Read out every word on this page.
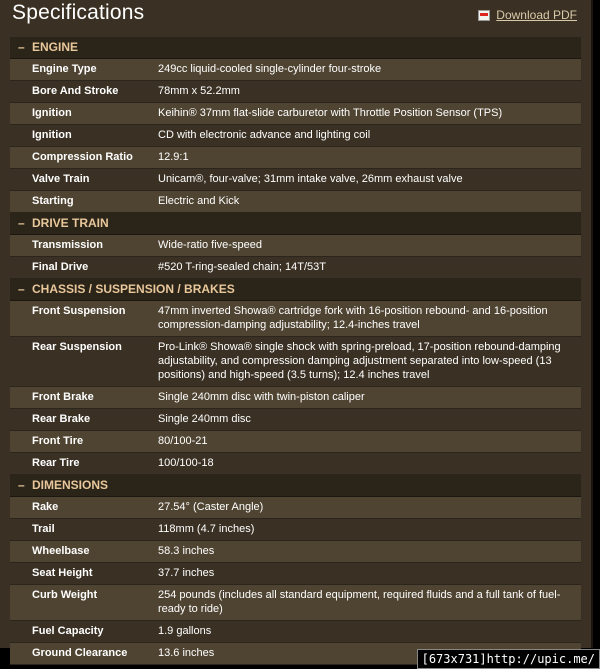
Specifications	Download PDF
– ENGINE
Engine Type	249cc liquid-cooled single-cylinder four-stroke
Bore And Stroke	78mm x 52.2mm
Ignition	Keihin® 37mm flat-slide carburetor with Throttle Position Sensor (TPS)
Ignition	CD with electronic advance and lighting coil
Compression Ratio	12.9:1
Valve Train	Unicam®, four-valve; 31mm intake valve, 26mm exhaust valve
Starting	Electric and Kick
– DRIVE TRAIN
Transmission	Wide-ratio five-speed
Final Drive	#520 T-ring-sealed chain; 14T/53T
– CHASSIS / SUSPENSION / BRAKES
Front Suspension	47mm inverted Showa® cartridge fork with 16-position rebound- and 16-position compression-damping adjustability; 12.4-inches travel
Rear Suspension	Pro-Link® Showa® single shock with spring-preload, 17-position rebound-damping adjustability, and compression damping adjustment separated into low-speed (13 positions) and high-speed (3.5 turns); 12.4 inches travel
Front Brake	Single 240mm disc with twin-piston caliper
Rear Brake	Single 240mm disc
Front Tire	80/100-21
Rear Tire	100/100-18
– DIMENSIONS
Rake	27.54° (Caster Angle)
Trail	118mm (4.7 inches)
Wheelbase	58.3 inches
Seat Height	37.7 inches
Curb Weight	254 pounds (includes all standard equipment, required fluids and a full tank of fuel-ready to ride)
Fuel Capacity	1.9 gallons
Ground Clearance	13.6 inches	[673x731]http://upic.me/
